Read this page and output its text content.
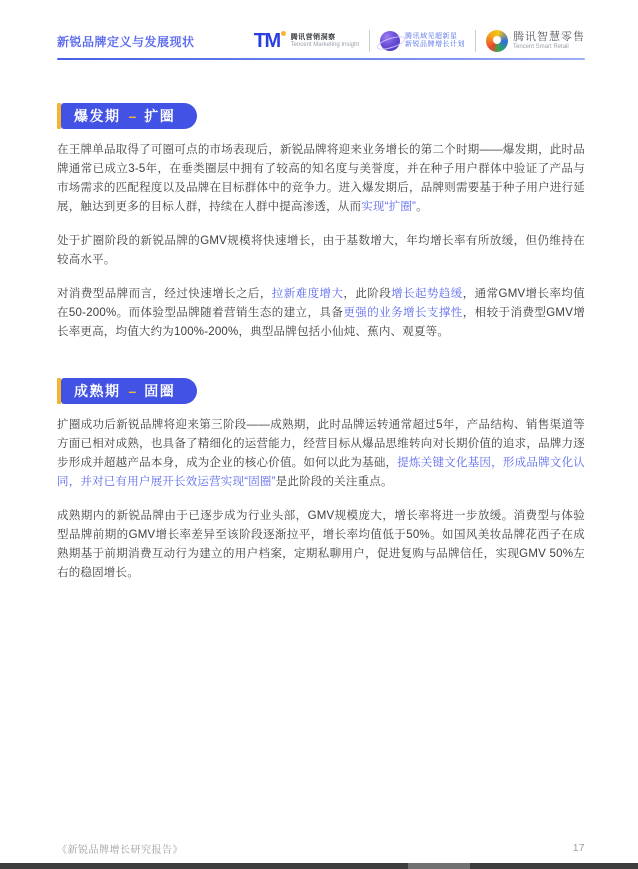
新锐品牌定义与发展现状	TM	腾讯营销洞察
Tencent Marketing Insight
腾讯域见超新星
新锐品牌增长计划
腾讯智慧零售
Tencent Smart Retail
爆发期 – 扩圈

在王牌单品取得了可圈可点的市场表现后，新锐品牌将迎来业务增长的第二个时期——爆发期，此时品牌通常已成立3-5年，在垂类圈层中拥有了较高的知名度与美誉度，并在种子用户群体中验证了产品与市场需求的匹配程度以及品牌在目标群体中的竞争力。进入爆发期后，品牌则需要基于种子用户进行延展，触达到更多的目标人群，持续在人群中提高渗透，从而实现“扩圈”。

处于扩圈阶段的新锐品牌的GMV规模将快速增长，由于基数增大，年均增长率有所放缓，但仍维持在较高水平。

对消费型品牌而言，经过快速增长之后，拉新难度增大，此阶段增长起势趋缓，通常GMV增长率均值在50-200%。而体验型品牌随着营销生态的建立，具备更强的业务增长支撑性，相较于消费型GMV增长率更高，均值大约为100%-200%，典型品牌包括小仙炖、蕉内、观夏等。

成熟期 – 固圈

扩圈成功后新锐品牌将迎来第三阶段——成熟期，此时品牌运转通常超过5年，产品结构、销售渠道等方面已相对成熟，也具备了精细化的运营能力，经营目标从爆品思维转向对长期价值的追求，品牌力逐步形成并超越产品本身，成为企业的核心价值。如何以此为基础，提炼关键文化基因，形成品牌文化认同，并对已有用户展开长效运营实现“固圈”是此阶段的关注重点。

成熟期内的新锐品牌由于已逐步成为行业头部，GMV规模庞大，增长率将进一步放缓。消费型与体验型品牌前期的GMV增长率差异至该阶段逐渐拉平，增长率均值低于50%。如国风美妆品牌花西子在成熟期基于前期消费互动行为建立的用户档案，定期私聊用户，促进复购与品牌信任，实现GMV 50%左右的稳固增长。

《新锐品牌增长研究报告》	17
